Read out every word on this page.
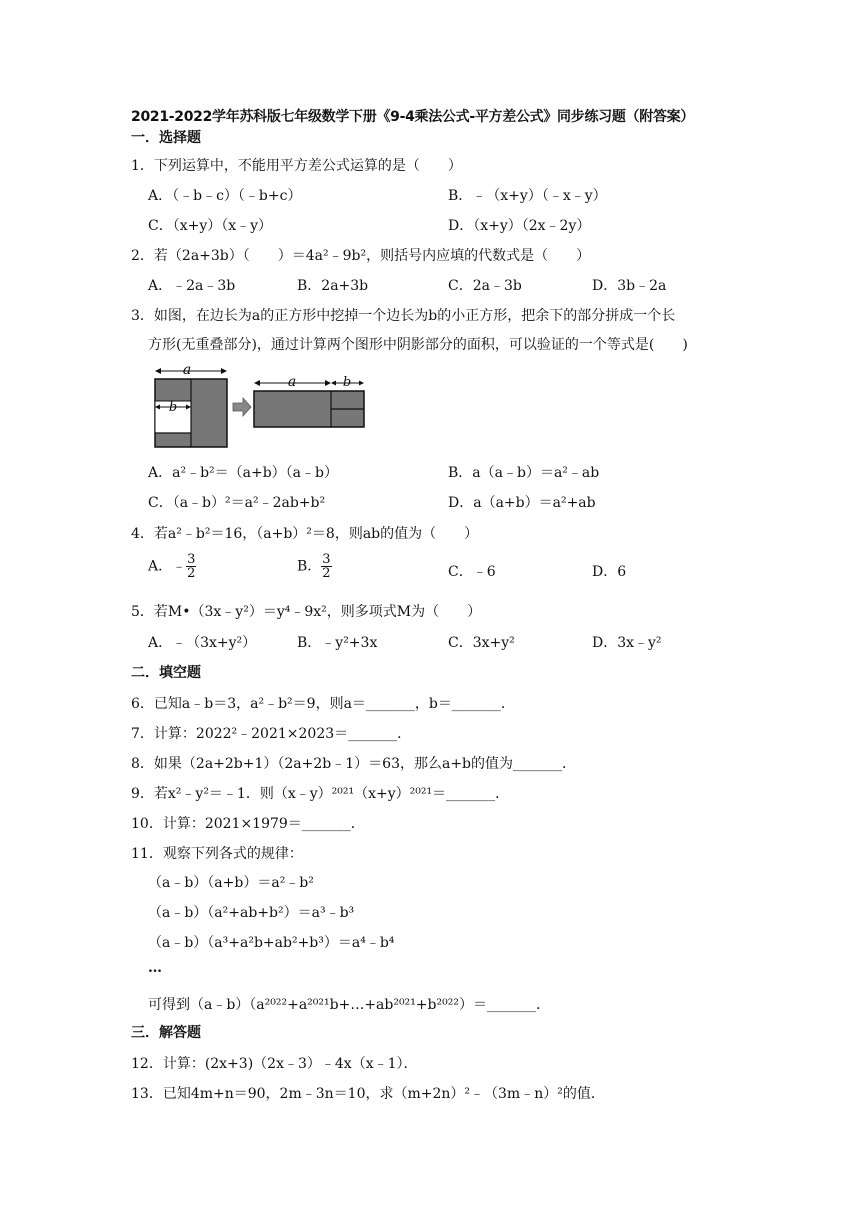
2021-2022学年苏科版七年级数学下册《9-4乘法公式-平方差公式》同步练习题（附答案）
一．选择题
1．下列运算中，不能用平方差公式运算的是（　　）
A．（﹣b﹣c）（﹣b+c）	B．﹣（x+y）（﹣x﹣y）
C．（x+y）（x﹣y）	D．（x+y）（2x﹣2y）
2．若（2a+3b）（　　）＝4a²﹣9b²，则括号内应填的代数式是（　　）
A．﹣2a﹣3b	B．2a+3b	C．2a﹣3b	D．3b﹣2a
3．如图，在边长为a的正方形中挖掉一个边长为b的小正方形，把余下的部分拼成一个长
方形(无重叠部分)，通过计算两个图形中阴影部分的面积，可以验证的一个等式是(　　)
a
b
a	b
A．a²﹣b²＝（a+b）（a﹣b）	B．a（a﹣b）＝a²﹣ab
C．（a﹣b）²＝a²﹣2ab+b²	D．a（a+b）＝a²+ab
4．若a²﹣b²＝16，（a+b）²＝8，则ab的值为（　　）
A．﹣ $\frac{3}{2}$	B． $\frac{3}{2}$	C．﹣6	D．6
5．若M•（3x﹣y²）＝y⁴﹣9x²，则多项式M为（　　）
A．﹣（3x+y²）	B．﹣y²+3x	C．3x+y²	D．3x﹣y²
二．填空题
6．已知a﹣b＝3，a²﹣b²＝9，则a＝_______，b＝_______．
7．计算：2022²﹣2021×2023＝_______．
8．如果（2a+2b+1）（2a+2b﹣1）＝63，那么a+b的值为_______．
9．若x²﹣y²＝﹣1．则（x﹣y）²⁰²¹（x+y）²⁰²¹＝_______．
10．计算：2021×1979＝_______．
11．观察下列各式的规律：
（a﹣b）（a+b）＝a²﹣b²
（a﹣b）（a²+ab+b²）＝a³﹣b³
（a﹣b）（a³+a²b+ab²+b³）＝a⁴﹣b⁴
…
可得到（a﹣b）（a²⁰²²+a²⁰²¹b+…+ab²⁰²¹+b²⁰²²）＝_______．
三．解答题
12．计算：(2x+3)（2x﹣3）﹣4x（x﹣1）．
13．已知4m+n＝90，2m﹣3n＝10，求（m+2n）²﹣（3m﹣n）²的值．
